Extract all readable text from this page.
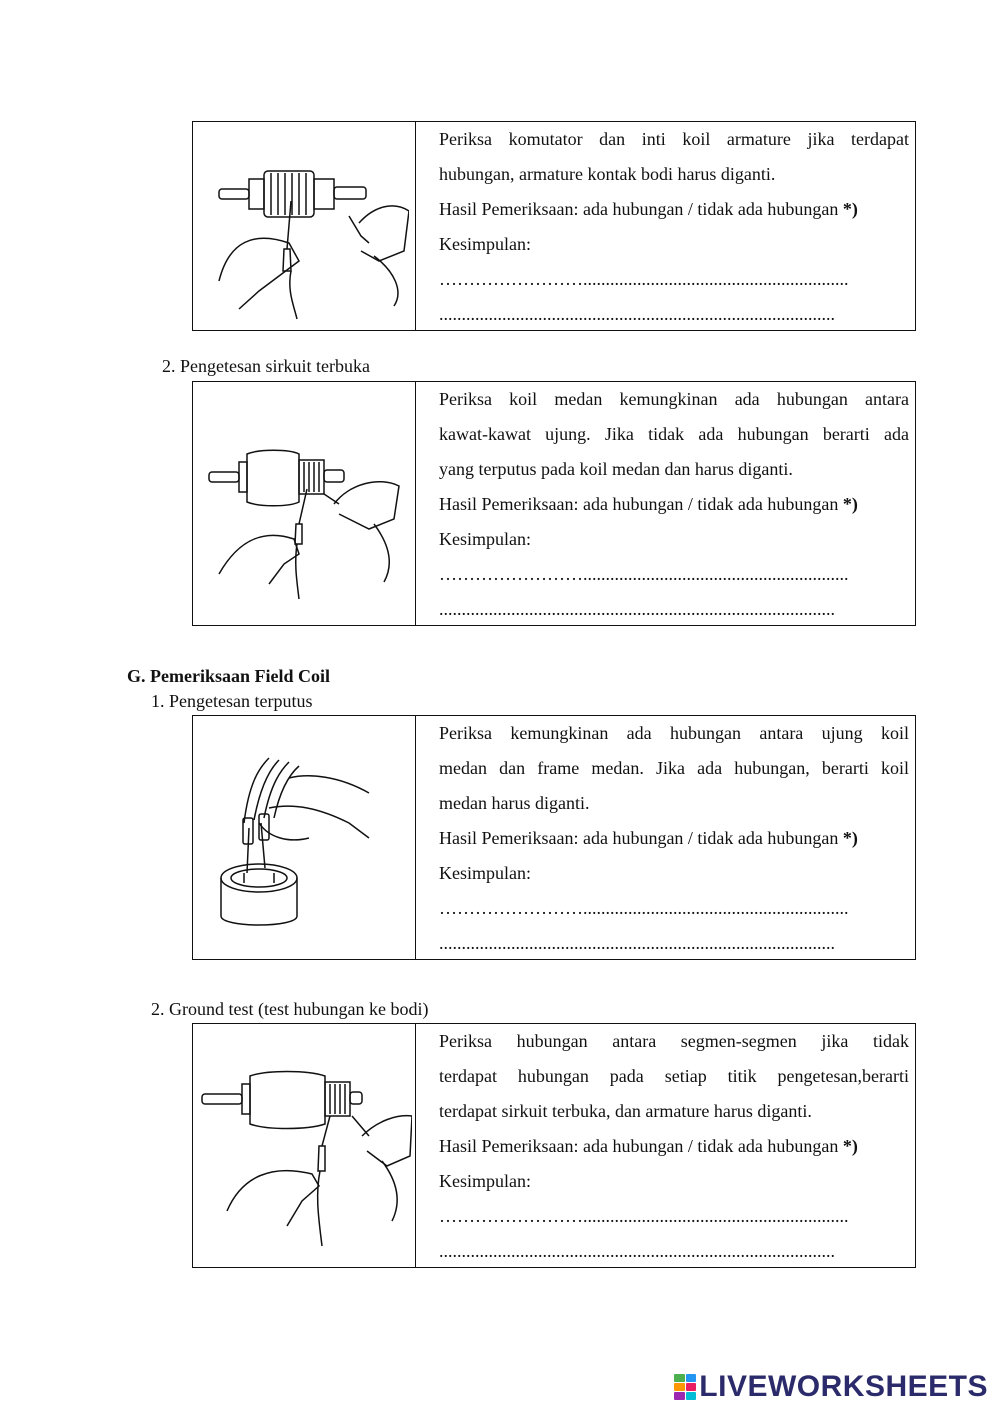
Periksa komutator dan inti koil armature jika terdapat

hubungan, armature kontak bodi harus diganti.

Hasil Pemeriksaan: ada hubungan / tidak ada hubungan *)

Kesimpulan:

……………………...........................................................

........................................................................................

2. Pengetesan sirkuit terbuka

Periksa koil medan kemungkinan ada hubungan antara

kawat-kawat ujung. Jika tidak ada hubungan berarti ada

yang terputus pada koil medan dan harus diganti.

Hasil Pemeriksaan: ada hubungan / tidak ada hubungan *)

Kesimpulan:

……………………...........................................................

........................................................................................

G. Pemeriksaan Field Coil
1. Pengetesan terputus

Periksa kemungkinan ada hubungan antara ujung koil

medan dan frame medan. Jika ada hubungan, berarti koil

medan harus diganti.

Hasil Pemeriksaan: ada hubungan / tidak ada hubungan *)

Kesimpulan:

……………………...........................................................

........................................................................................

2. Ground test (test hubungan ke bodi)

Periksa hubungan antara segmen-segmen jika tidak

terdapat hubungan pada setiap titik pengetesan,berarti

terdapat sirkuit terbuka, dan armature harus diganti.

Hasil Pemeriksaan: ada hubungan / tidak ada hubungan *)

Kesimpulan:

……………………...........................................................

........................................................................................

LIVEWORKSHEETS
